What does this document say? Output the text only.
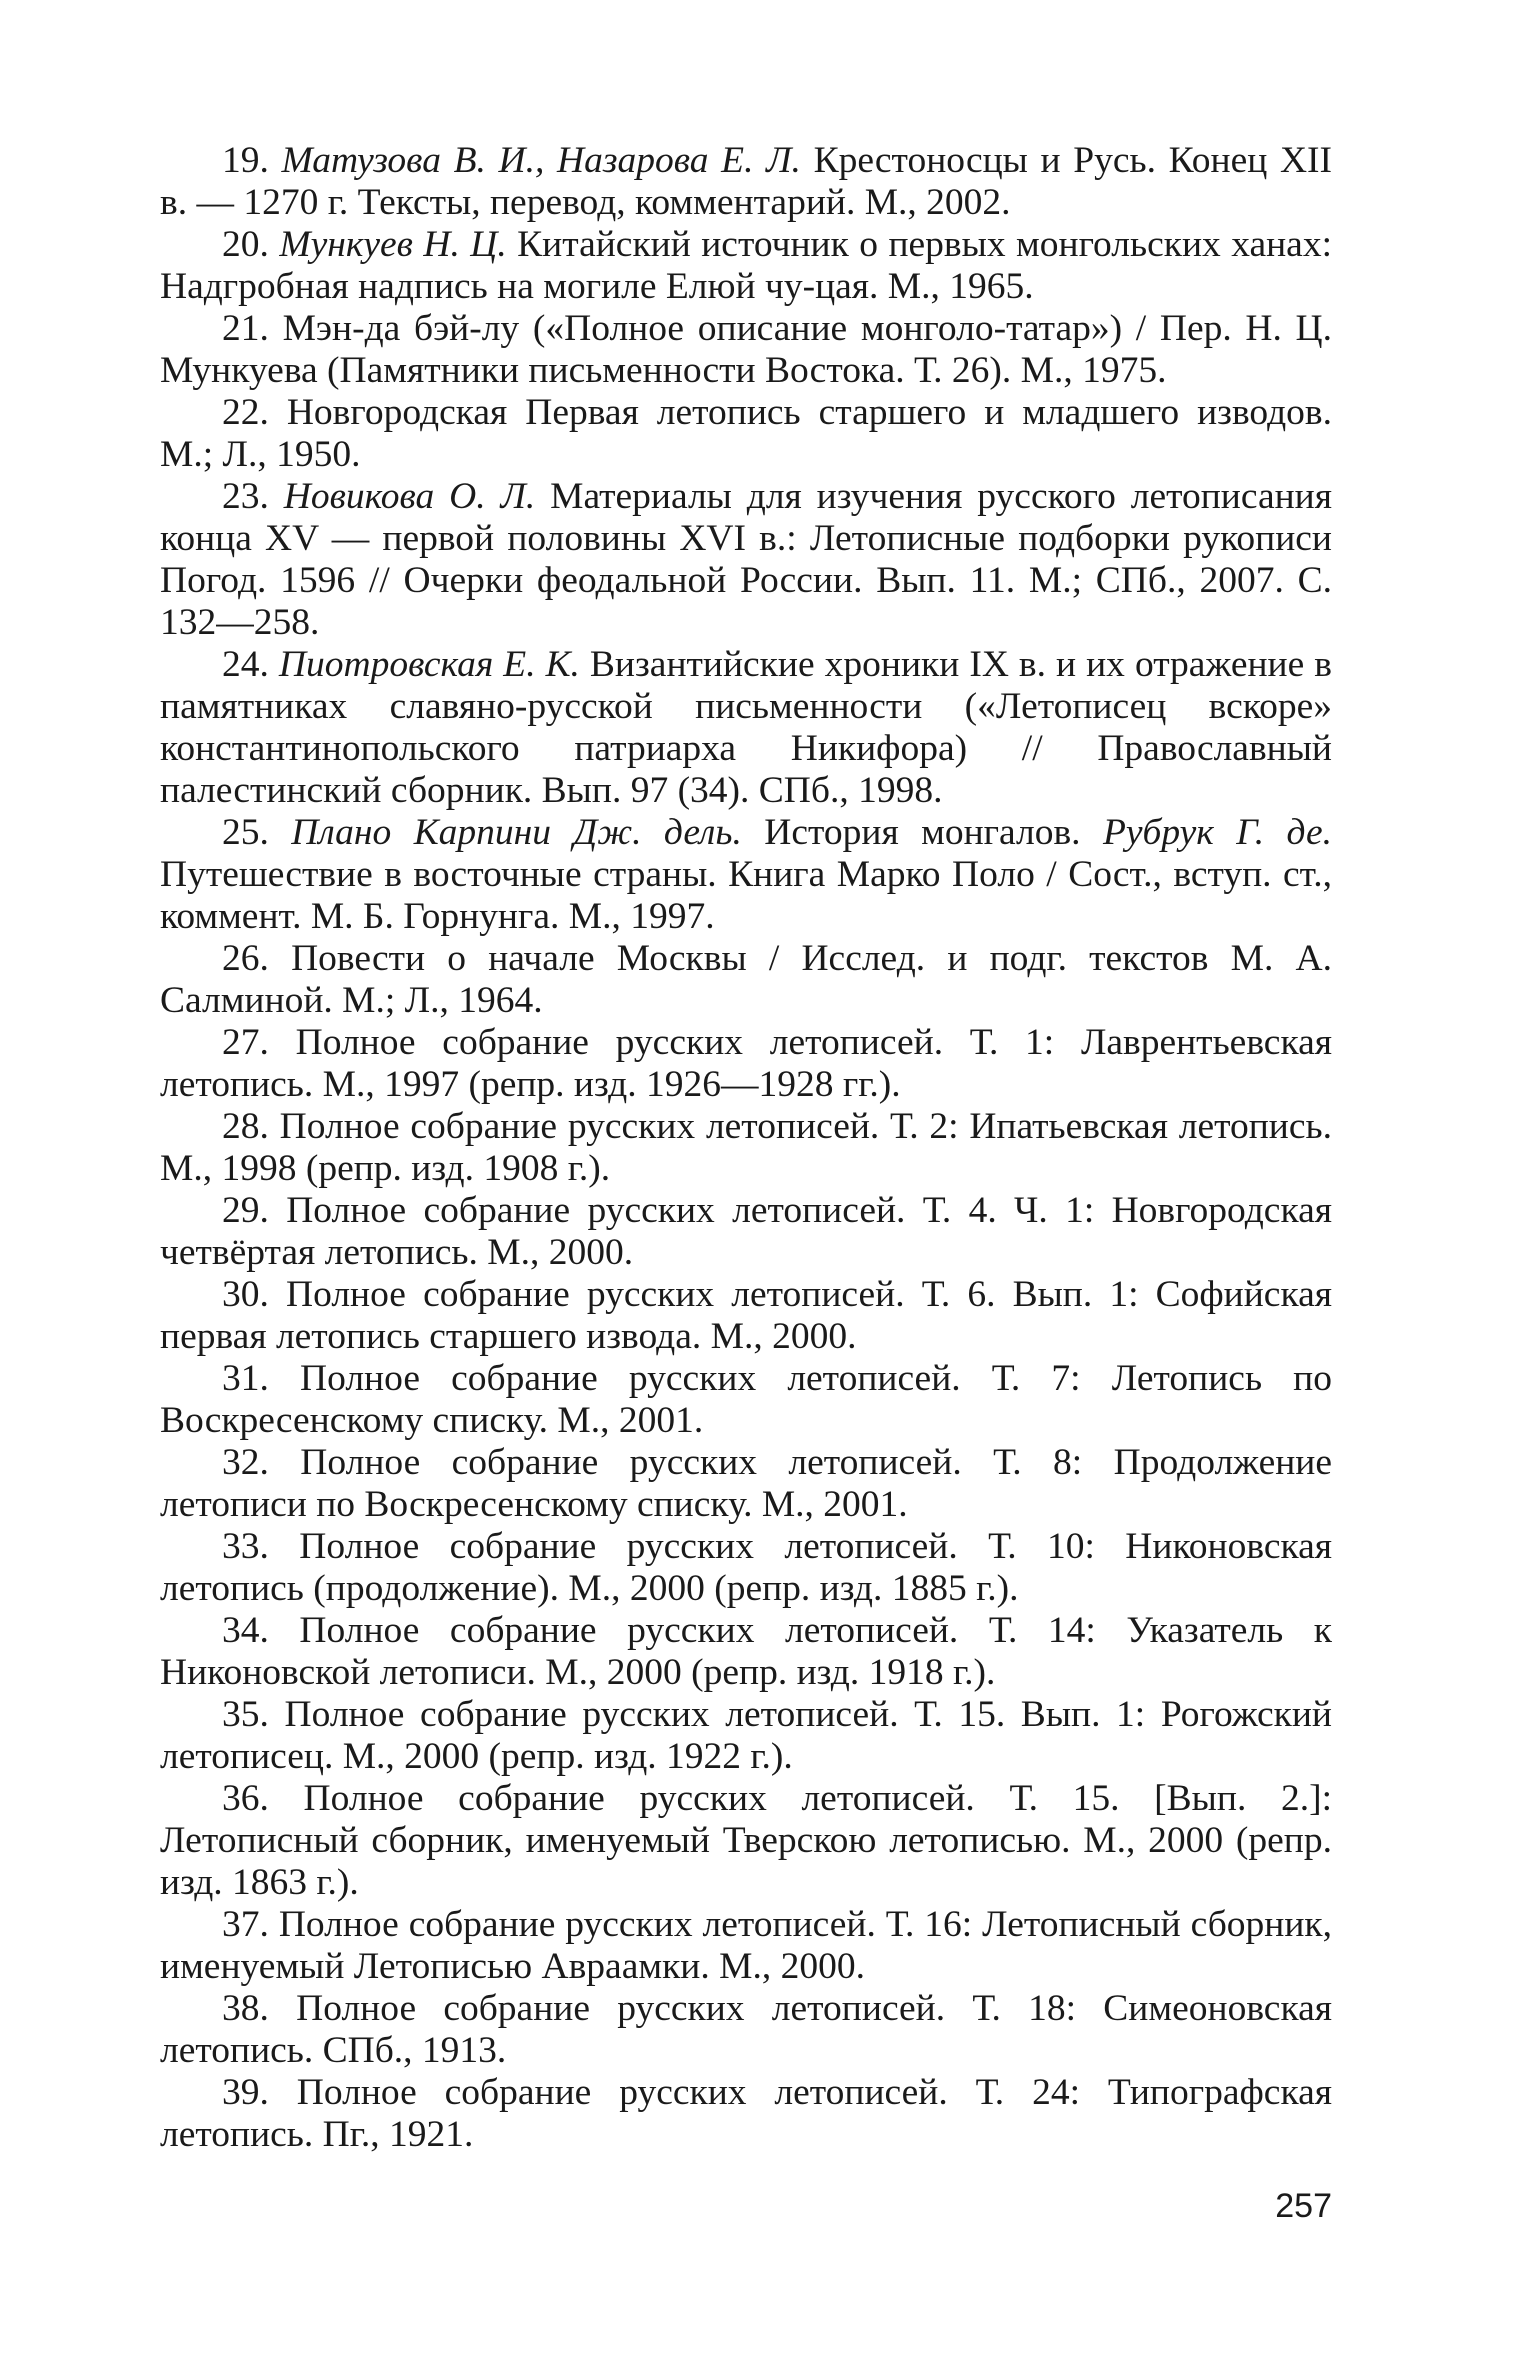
19. Матузова В. И., Назарова Е. Л. Крестоносцы и Русь. Конец XII в. — 1270 г. Тексты, перевод, комментарий. М., 2002.

20. Мункуев Н. Ц. Китайский источник о первых монгольских ханах: Надгробная надпись на могиле Елюй чу-цая. М., 1965.

21. Мэн-да бэй-лу («Полное описание монголо-татар») / Пер. Н. Ц. Мункуева (Памятники письменности Востока. Т. 26). М., 1975.

22. Новгородская Первая летопись старшего и младшего изводов. М.; Л., 1950.

23. Новикова О. Л. Материалы для изучения русского летописания конца XV — первой половины XVI в.: Летописные подборки рукописи Погод. 1596 // Очерки феодальной России. Вып. 11. М.; СПб., 2007. С. 132—258.

24. Пиотровская Е. К. Византийские хроники IX в. и их отражение в памятниках славяно-русской письменности («Летописец вскоре» константинопольского патриарха Никифора) // Православный палестинский сборник. Вып. 97 (34). СПб., 1998.

25. Плано Карпини Дж. дель. История монгалов. Рубрук Г. де. Путешествие в восточные страны. Книга Марко Поло / Сост., вступ. ст., коммент. М. Б. Горнунга. М., 1997.

26. Повести о начале Москвы / Исслед. и подг. текстов М. А. Салминой. М.; Л., 1964.

27. Полное собрание русских летописей. Т. 1: Лаврентьевская летопись. М., 1997 (репр. изд. 1926—1928 гг.).

28. Полное собрание русских летописей. Т. 2: Ипатьевская летопись. М., 1998 (репр. изд. 1908 г.).

29. Полное собрание русских летописей. Т. 4. Ч. 1: Новгородская четвёртая летопись. М., 2000.

30. Полное собрание русских летописей. Т. 6. Вып. 1: Софийская первая летопись старшего извода. М., 2000.

31. Полное собрание русских летописей. Т. 7: Летопись по Воскресенскому списку. М., 2001.

32. Полное собрание русских летописей. Т. 8: Продолжение летописи по Воскресенскому списку. М., 2001.

33. Полное собрание русских летописей. Т. 10: Никоновская летопись (продолжение). М., 2000 (репр. изд. 1885 г.).

34. Полное собрание русских летописей. Т. 14: Указатель к Никоновской летописи. М., 2000 (репр. изд. 1918 г.).

35. Полное собрание русских летописей. Т. 15. Вып. 1: Рогожский летописец. М., 2000 (репр. изд. 1922 г.).

36. Полное собрание русских летописей. Т. 15. [Вып. 2.]: Летописный сборник, именуемый Тверскою летописью. М., 2000 (репр. изд. 1863 г.).

37. Полное собрание русских летописей. Т. 16: Летописный сборник, именуемый Летописью Авраамки. М., 2000.

38. Полное собрание русских летописей. Т. 18: Симеоновская летопись. СПб., 1913.

39. Полное собрание русских летописей. Т. 24: Типографская летопись. Пг., 1921.

257
